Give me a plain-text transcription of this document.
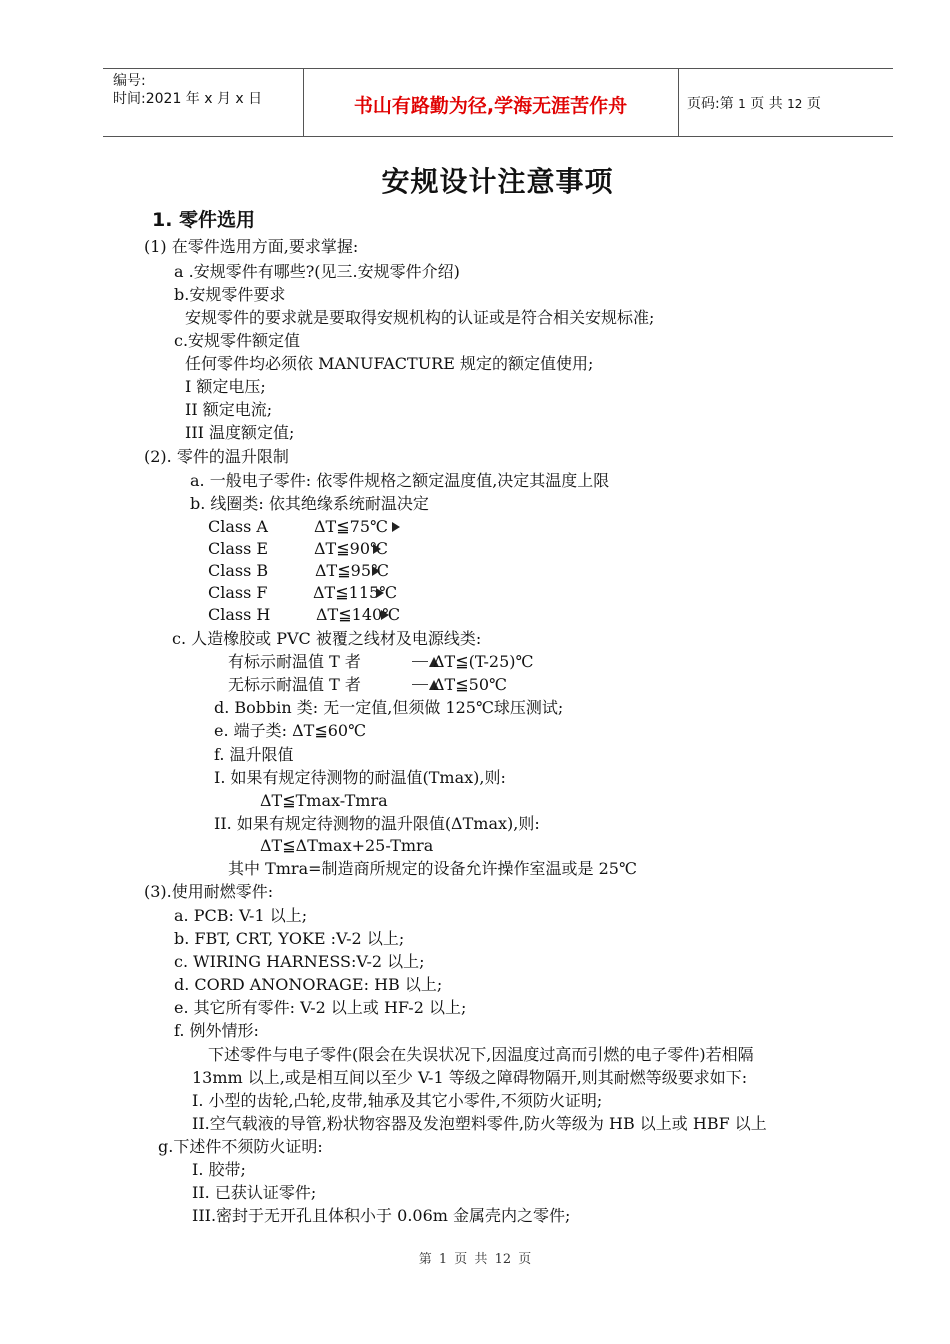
编号:
时间:2021 年 x 月 x 日	书山有路勤为径,学海无涯苦作舟	页码:第 1 页 共 12 页
安规设计注意事项
1. 零件选用
(1) 在零件选用方面,要求掌握:
a .安规零件有哪些?(见三.安规零件介绍)
b.安规零件要求
安规零件的要求就是要取得安规机构的认证或是符合相关安规标准;
c.安规零件额定值
任何零件均必须依 MANUFACTURE 规定的额定值使用;
I 额定电压;
II 额定电流;
III 温度额定值;
(2). 零件的温升限制
a. 一般电子零件: 依零件规格之额定温度值,决定其温度上限
b. 线圈类: 依其绝缘系统耐温决定
Class A	ΔT≦75℃
Class E	ΔT≦90℃
Class B	ΔT≦95℃
Class F	ΔT≦115℃
Class H	ΔT≦140℃
c. 人造橡胶或 PVC 被覆之线材及电源线类:
有标示耐温值 T 者	ΔT≦(T-25)℃
无标示耐温值 T 者	ΔT≦50℃
d. Bobbin 类: 无一定值,但须做 125℃球压测试;
e. 端子类: ΔT≦60℃
f. 温升限值
I. 如果有规定待测物的耐温值(Tmax),则:
ΔT≦Tmax-Tmra
II. 如果有规定待测物的温升限值(ΔTmax),则:
ΔT≦ΔTmax+25-Tmra
其中 Tmra=制造商所规定的设备允许操作室温或是 25℃
(3).使用耐燃零件:
a. PCB: V-1 以上;
b. FBT, CRT, YOKE :V-2 以上;
c. WIRING HARNESS:V-2 以上;
d. CORD ANONORAGE: HB 以上;
e. 其它所有零件: V-2 以上或 HF-2 以上;
f. 例外情形:
下述零件与电子零件(限会在失误状况下,因温度过高而引燃的电子零件)若相隔
13mm 以上,或是相互间以至少 V-1 等级之障碍物隔开,则其耐燃等级要求如下:
I. 小型的齿轮,凸轮,皮带,轴承及其它小零件,不须防火证明;
II.空气载液的导管,粉状物容器及发泡塑料零件,防火等级为 HB 以上或 HBF 以上
g.下述件不须防火证明:
I. 胶带;
II. 已获认证零件;
III.密封于无开孔且体积小于 0.06m 金属壳内之零件;
第 1 页 共 12 页
